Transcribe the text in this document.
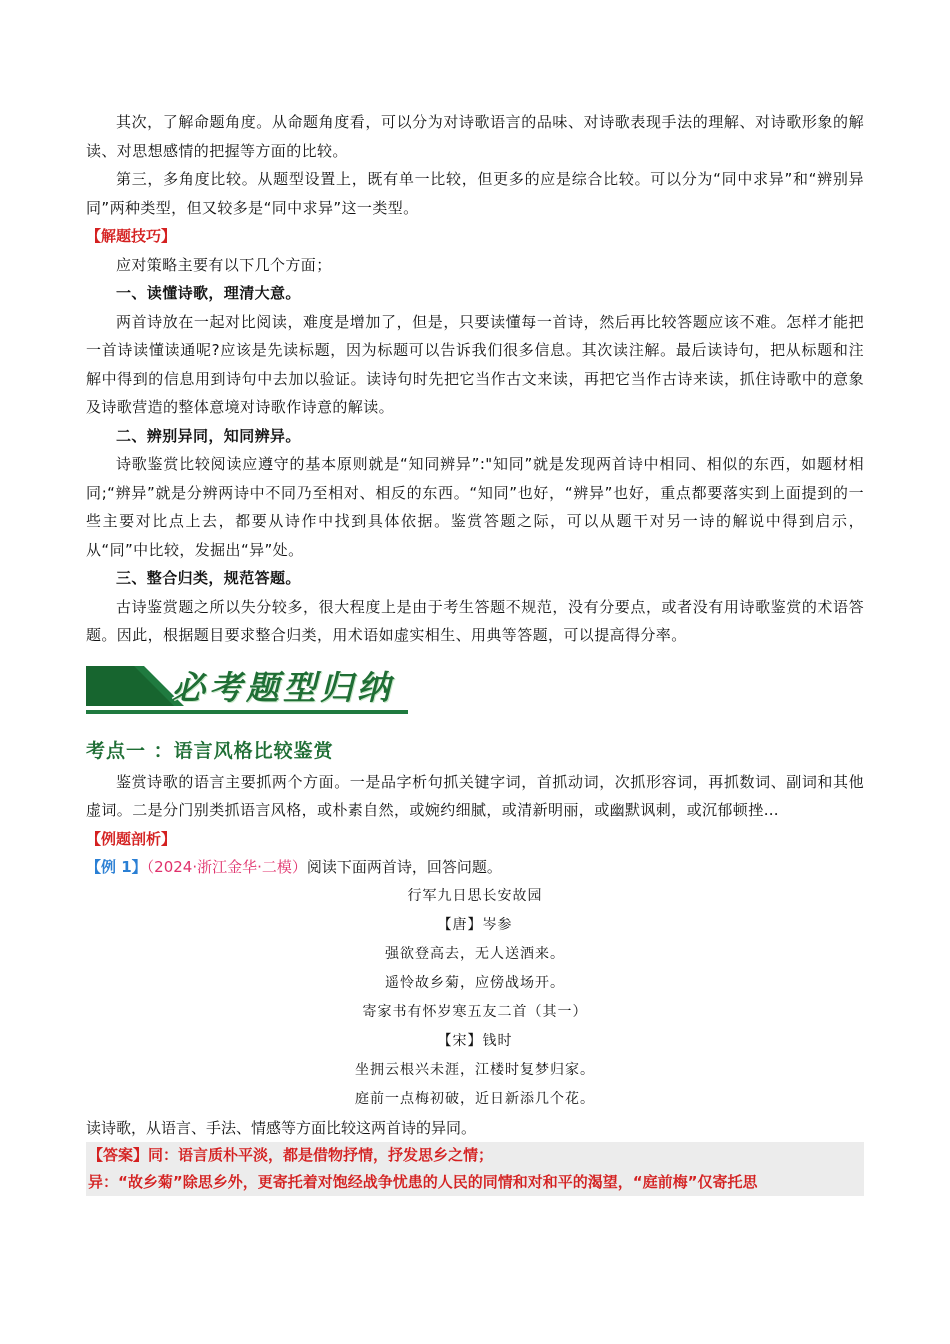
其次，了解命题角度。从命题角度看，可以分为对诗歌语言的品味、对诗歌表现手法的理解、对诗歌形象的解读、对思想感情的把握等方面的比较。

第三，多角度比较。从题型设置上，既有单一比较，但更多的应是综合比较。可以分为“同中求异”和“辨别异同”两种类型，但又较多是“同中求异”这一类型。

【解题技巧】

应对策略主要有以下几个方面；

一、读懂诗歌，理清大意。

两首诗放在一起对比阅读，难度是增加了，但是，只要读懂每一首诗，然后再比较答题应该不难。怎样才能把一首诗读懂读通呢?应该是先读标题，因为标题可以告诉我们很多信息。其次读注解。最后读诗句，把从标题和注解中得到的信息用到诗句中去加以验证。读诗句时先把它当作古文来读，再把它当作古诗来读，抓住诗歌中的意象及诗歌营造的整体意境对诗歌作诗意的解读。

二、辨别异同，知同辨异。

诗歌鉴赏比较阅读应遵守的基本原则就是“知同辨异”:"知同”就是发现两首诗中相同、相似的东西，如题材相同;“辨异”就是分辨两诗中不同乃至相对、相反的东西。“知同”也好，“辨异”也好，重点都要落实到上面提到的一些主要对比点上去，都要从诗作中找到具体依据。鉴赏答题之际，可以从题干对另一诗的解说中得到启示，从“同”中比较，发掘出“异”处。

三、整合归类，规范答题。

古诗鉴赏题之所以失分较多，很大程度上是由于考生答题不规范，没有分要点，或者没有用诗歌鉴赏的术语答题。因此，根据题目要求整合归类，用术语如虚实相生、用典等答题，可以提高得分率。

必考题型归纳

考点一 ：语言风格比较鉴赏

鉴赏诗歌的语言主要抓两个方面。一是品字析句抓关键字词，首抓动词，次抓形容词，再抓数词、副词和其他虚词。二是分门别类抓语言风格，或朴素自然，或婉约细腻，或清新明丽，或幽默讽刺，或沉郁顿挫…

【例题剖析】

【例 1】（2024·浙江金华·二模）阅读下面两首诗，回答问题。

行军九日思长安故园

【唐】岑参

强欲登高去，无人送酒来。

遥怜故乡菊，应傍战场开。

寄家书有怀岁寒五友二首（其一）

【宋】钱时

坐拥云根兴未涯，江楼时复梦归家。

庭前一点梅初破，近日新添几个花。

读诗歌，从语言、手法、情感等方面比较这两首诗的异同。

【答案】同：语言质朴平淡，都是借物抒情，抒发思乡之情；

异：“故乡菊”除思乡外，更寄托着对饱经战争忧患的人民的同情和对和平的渴望，“庭前梅”仅寄托思
